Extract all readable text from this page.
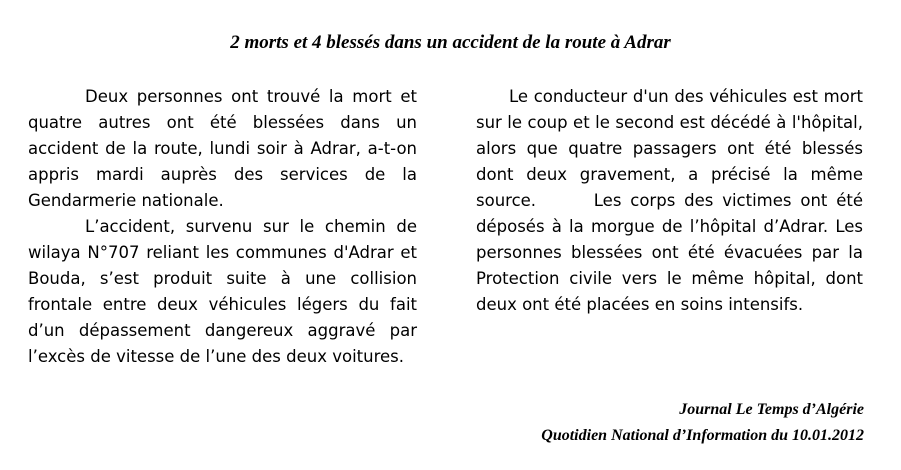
2 morts et 4 blessés dans un accident de la route à Adrar

Deux personnes ont trouvé la mort et quatre autres ont été blessées dans un accident de la route, lundi soir à Adrar, a-t-on appris mardi auprès des services de la Gendarmerie nationale.

L’accident, survenu sur le chemin de wilaya N°707 reliant les communes d'Adrar et Bouda, s’est produit suite à une collision frontale entre deux véhicules légers du fait d’un dépassement dangereux aggravé par l’excès de vitesse de l’une des deux voitures.

Le conducteur d'un des véhicules est mort sur le coup et le second est décédé à l'hôpital, alors que quatre passagers ont été blessés dont deux gravement, a précisé la même source.	Les corps des victimes ont été déposés à la morgue de l’hôpital d’Adrar. Les personnes blessées ont été évacuées par la Protection civile vers le même hôpital, dont deux ont été placées en soins intensifs.

Journal Le Temps d’Algérie
Quotidien National d’Information du 10.01.2012
